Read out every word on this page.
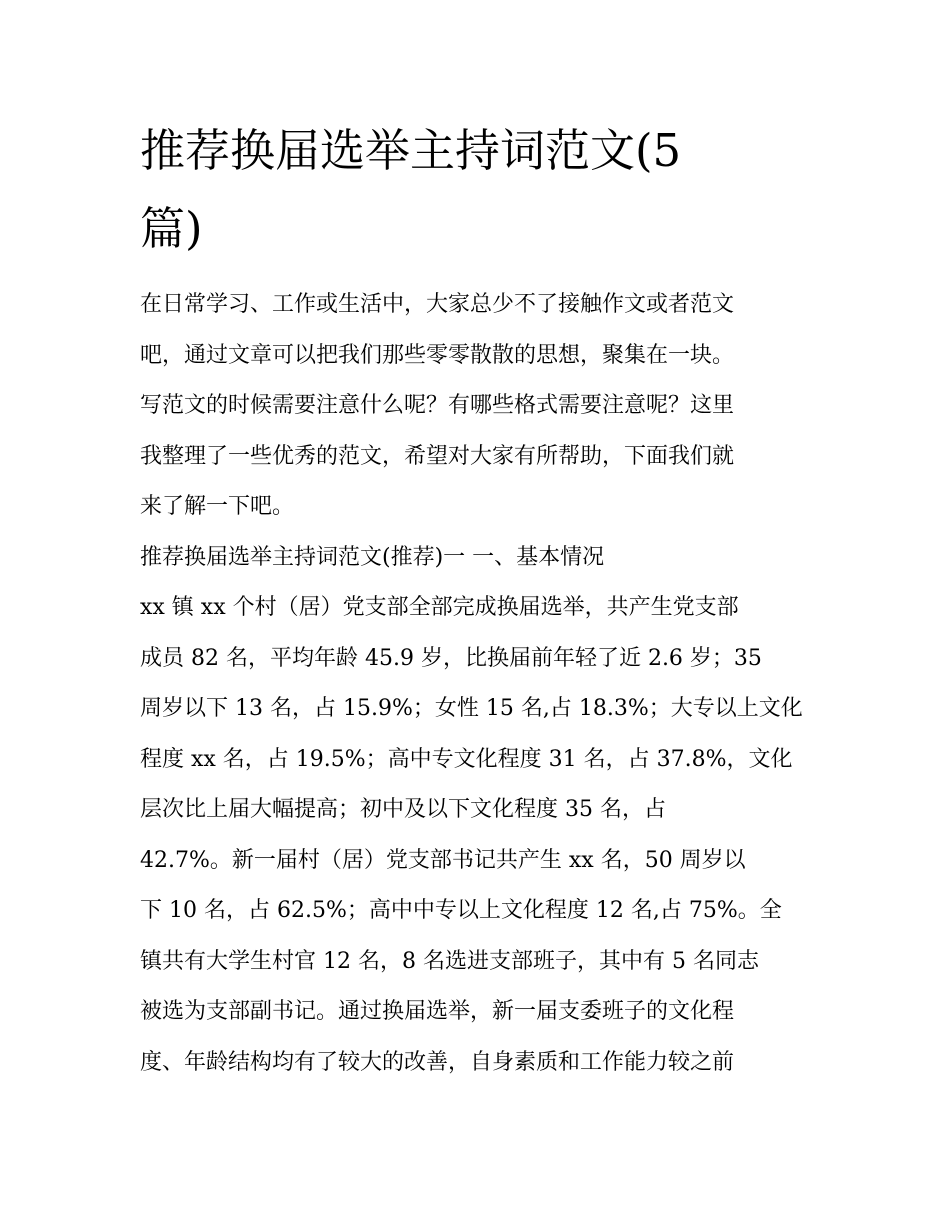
推荐换届选举主持词范文(5
篇)
在日常学习、工作或生活中，大家总少不了接触作文或者范文
吧，通过文章可以把我们那些零零散散的思想，聚集在一块。
写范文的时候需要注意什么呢？有哪些格式需要注意呢？这里
我整理了一些优秀的范文，希望对大家有所帮助，下面我们就
来了解一下吧。
推荐换届选举主持词范文(推荐)一 一、基本情况
xx 镇 xx 个村（居）党支部全部完成换届选举，共产生党支部
成员 82 名，平均年龄 45.9 岁，比换届前年轻了近 2.6 岁；35
周岁以下 13 名，占 15.9%；女性 15 名,占 18.3%；大专以上文化
程度 xx 名，占 19.5%；高中专文化程度 31 名，占 37.8%，文化
层次比上届大幅提高；初中及以下文化程度 35 名，占
42.7%。新一届村（居）党支部书记共产生 xx 名，50 周岁以
下 10 名，占 62.5%；高中中专以上文化程度 12 名,占 75%。全
镇共有大学生村官 12 名，8 名选进支部班子，其中有 5 名同志
被选为支部副书记。通过换届选举，新一届支委班子的文化程
度、年龄结构均有了较大的改善，自身素质和工作能力较之前
